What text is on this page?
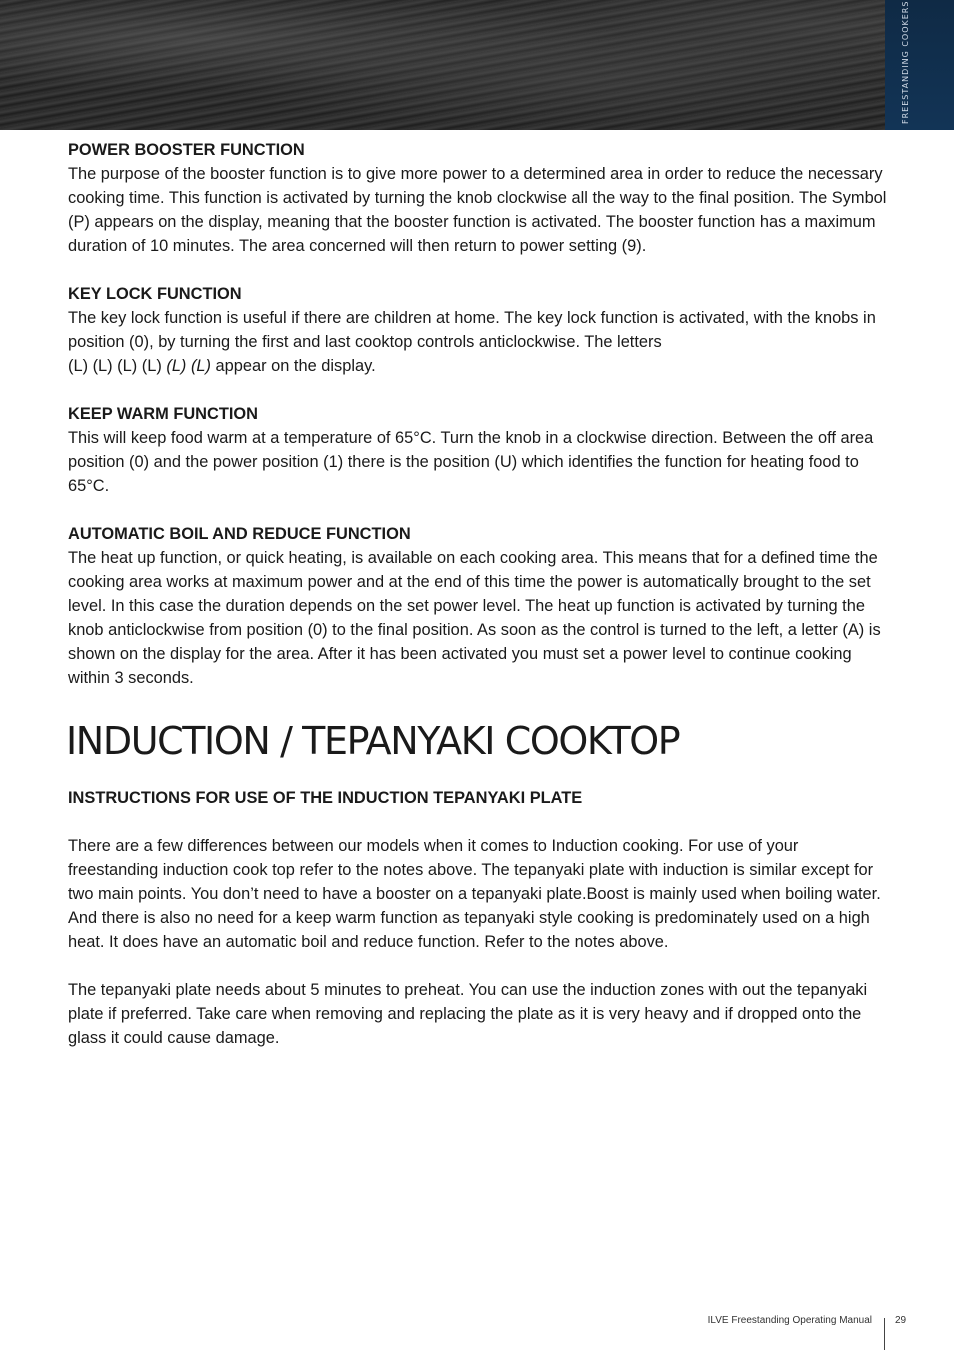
FREESTANDING COOKERS
POWER BOOSTER FUNCTION

The purpose of the booster function is to give more power to a determined area in order to reduce the necessary cooking time. This function is activated by turning the knob clockwise all the way to the final position. The Symbol (P) appears on the display, meaning that the booster function is activated. The booster function has a maximum duration of 10 minutes. The area concerned will then return to power setting (9).

KEY LOCK FUNCTION

The key lock function is useful if there are children at home. The key lock function is activated, with the knobs in position (0), by turning the first and last cooktop controls anticlockwise. The letters
(L) (L) (L) (L) (L) (L) appear on the display.

KEEP WARM FUNCTION

This will keep food warm at a temperature of 65°C. Turn the knob in a clockwise direction. Between the off area position (0) and the power position (1) there is the position (U) which identifies the function for heating food to 65°C.

AUTOMATIC BOIL AND REDUCE FUNCTION

The heat up function, or quick heating, is available on each cooking area. This means that for a defined time the cooking area works at maximum power and at the end of this time the power is automatically brought to the set level. In this case the duration depends on the set power level. The heat up function is activated by turning the knob anticlockwise from position (0) to the final position. As soon as the control is turned to the left, a letter (A) is shown on the display for the area. After it has been activated you must set a power level to continue cooking within 3 seconds.

INDUCTION / TEPANYAKI COOKTOP
INSTRUCTIONS FOR USE OF THE INDUCTION TEPANYAKI PLATE

There are a few differences between our models when it comes to Induction cooking. For use of your freestanding induction cook top refer to the notes above. The tepanyaki plate with induction is similar except for two main points. You don’t need to have a booster on a tepanyaki plate.Boost is mainly used when boiling water. And there is also no need for a keep warm function as tepanyaki style cooking is predominately used on a high heat. It does have an automatic boil and reduce function. Refer to the notes above.

The tepanyaki plate needs about 5 minutes to preheat. You can use the induction zones with out the tepanyaki plate if preferred. Take care when removing and replacing the plate as it is very heavy and if dropped onto the glass it could cause damage.

ILVE Freestanding Operating Manual 29
